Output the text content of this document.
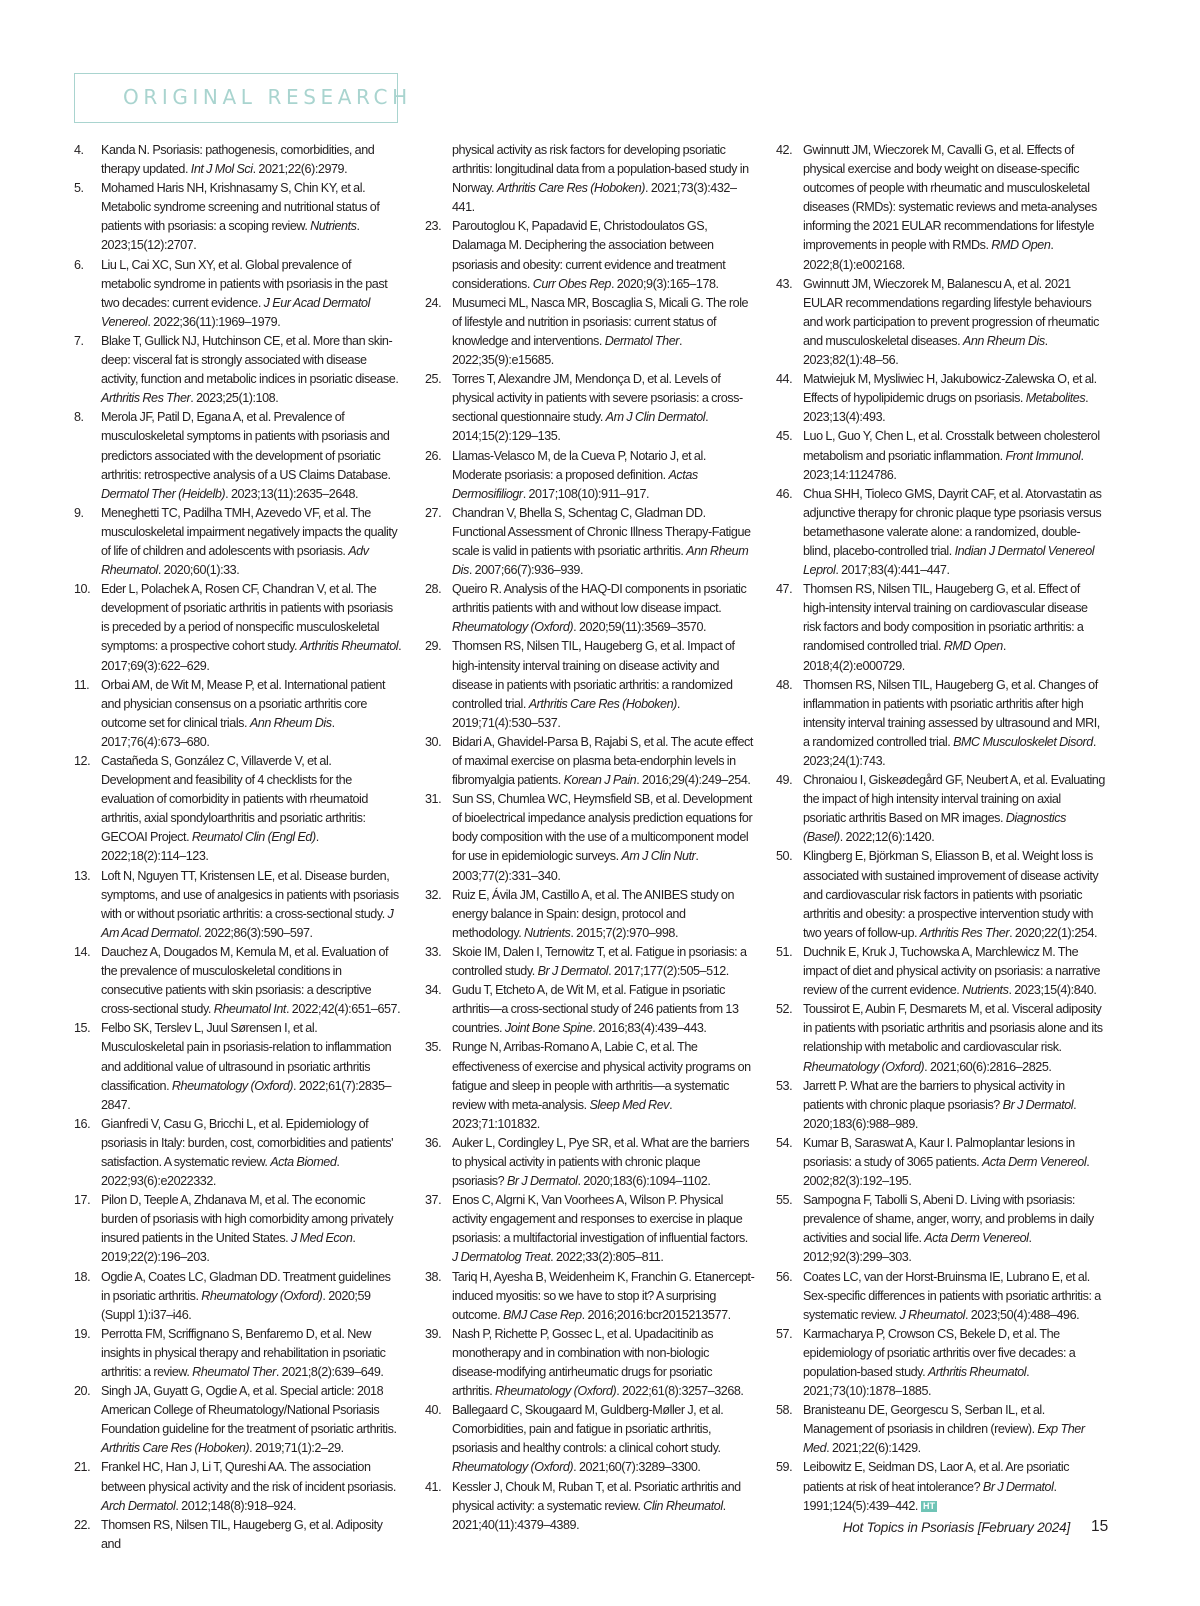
ORIGINAL RESEARCH
4. Kanda N. Psoriasis: pathogenesis, comorbidities, and therapy updated. Int J Mol Sci. 2021;22(6):2979.
5. Mohamed Haris NH, Krishnasamy S, Chin KY, et al. Metabolic syndrome screening and nutritional status of patients with psoriasis: a scoping review. Nutrients. 2023;15(12):2707.
6. Liu L, Cai XC, Sun XY, et al. Global prevalence of metabolic syndrome in patients with psoriasis in the past two decades: current evidence. J Eur Acad Dermatol Venereol. 2022;36(11):1969–1979.
7. Blake T, Gullick NJ, Hutchinson CE, et al. More than skin-deep: visceral fat is strongly associated with disease activity, function and metabolic indices in psoriatic disease. Arthritis Res Ther. 2023;25(1):108.
8. Merola JF, Patil D, Egana A, et al. Prevalence of musculoskeletal symptoms in patients with psoriasis and predictors associated with the development of psoriatic arthritis: retrospective analysis of a US Claims Database. Dermatol Ther (Heidelb). 2023;13(11):2635–2648.
9. Meneghetti TC, Padilha TMH, Azevedo VF, et al. The musculoskeletal impairment negatively impacts the quality of life of children and adolescents with psoriasis. Adv Rheumatol. 2020;60(1):33.
10. Eder L, Polachek A, Rosen CF, Chandran V, et al. The development of psoriatic arthritis in patients with psoriasis is preceded by a period of nonspecific musculoskeletal symptoms: a prospective cohort study. Arthritis Rheumatol. 2017;69(3):622–629.
11. Orbai AM, de Wit M, Mease P, et al. International patient and physician consensus on a psoriatic arthritis core outcome set for clinical trials. Ann Rheum Dis. 2017;76(4):673–680.
12. Castañeda S, González C, Villaverde V, et al. Development and feasibility of 4 checklists for the evaluation of comorbidity in patients with rheumatoid arthritis, axial spondyloarthritis and psoriatic arthritis: GECOAI Project. Reumatol Clin (Engl Ed). 2022;18(2):114–123.
13. Loft N, Nguyen TT, Kristensen LE, et al. Disease burden, symptoms, and use of analgesics in patients with psoriasis with or without psoriatic arthritis: a cross-sectional study. J Am Acad Dermatol. 2022;86(3):590–597.
14. Dauchez A, Dougados M, Kemula M, et al. Evaluation of the prevalence of musculoskeletal conditions in consecutive patients with skin psoriasis: a descriptive cross-sectional study. Rheumatol Int. 2022;42(4):651–657.
15. Felbo SK, Terslev L, Juul Sørensen I, et al. Musculoskeletal pain in psoriasis-relation to inflammation and additional value of ultrasound in psoriatic arthritis classification. Rheumatology (Oxford). 2022;61(7):2835–2847.
16. Gianfredi V, Casu G, Bricchi L, et al. Epidemiology of psoriasis in Italy: burden, cost, comorbidities and patients' satisfaction. A systematic review. Acta Biomed. 2022;93(6):e2022332.
17. Pilon D, Teeple A, Zhdanava M, et al. The economic burden of psoriasis with high comorbidity among privately insured patients in the United States. J Med Econ. 2019;22(2):196–203.
18. Ogdie A, Coates LC, Gladman DD. Treatment guidelines in psoriatic arthritis. Rheumatology (Oxford). 2020;59 (Suppl 1):i37–i46.
19. Perrotta FM, Scriffignano S, Benfaremo D, et al. New insights in physical therapy and rehabilitation in psoriatic arthritis: a review. Rheumatol Ther. 2021;8(2):639–649.
20. Singh JA, Guyatt G, Ogdie A, et al. Special article: 2018 American College of Rheumatology/National Psoriasis Foundation guideline for the treatment of psoriatic arthritis. Arthritis Care Res (Hoboken). 2019;71(1):2–29.
21. Frankel HC, Han J, Li T, Qureshi AA. The association between physical activity and the risk of incident psoriasis. Arch Dermatol. 2012;148(8):918–924.
22. Thomsen RS, Nilsen TIL, Haugeberg G, et al. Adiposity and
physical activity as risk factors for developing psoriatic arthritis: longitudinal data from a population-based study in Norway. Arthritis Care Res (Hoboken). 2021;73(3):432–441.
23. Paroutoglou K, Papadavid E, Christodoulatos GS, Dalamaga M. Deciphering the association between psoriasis and obesity: current evidence and treatment considerations. Curr Obes Rep. 2020;9(3):165–178.
24. Musumeci ML, Nasca MR, Boscaglia S, Micali G. The role of lifestyle and nutrition in psoriasis: current status of knowledge and interventions. Dermatol Ther. 2022;35(9):e15685.
25. Torres T, Alexandre JM, Mendonça D, et al. Levels of physical activity in patients with severe psoriasis: a cross-sectional questionnaire study. Am J Clin Dermatol. 2014;15(2):129–135.
26. Llamas-Velasco M, de la Cueva P, Notario J, et al. Moderate psoriasis: a proposed definition. Actas Dermosifiliogr. 2017;108(10):911–917.
27. Chandran V, Bhella S, Schentag C, Gladman DD. Functional Assessment of Chronic Illness Therapy-Fatigue scale is valid in patients with psoriatic arthritis. Ann Rheum Dis. 2007;66(7):936–939.
28. Queiro R. Analysis of the HAQ-DI components in psoriatic arthritis patients with and without low disease impact. Rheumatology (Oxford). 2020;59(11):3569–3570.
29. Thomsen RS, Nilsen TIL, Haugeberg G, et al. Impact of high-intensity interval training on disease activity and disease in patients with psoriatic arthritis: a randomized controlled trial. Arthritis Care Res (Hoboken). 2019;71(4):530–537.
30. Bidari A, Ghavidel-Parsa B, Rajabi S, et al. The acute effect of maximal exercise on plasma beta-endorphin levels in fibromyalgia patients. Korean J Pain. 2016;29(4):249–254.
31. Sun SS, Chumlea WC, Heymsfield SB, et al. Development of bioelectrical impedance analysis prediction equations for body composition with the use of a multicomponent model for use in epidemiologic surveys. Am J Clin Nutr. 2003;77(2):331–340.
32. Ruiz E, Ávila JM, Castillo A, et al. The ANIBES study on energy balance in Spain: design, protocol and methodology. Nutrients. 2015;7(2):970–998.
33. Skoie IM, Dalen I, Ternowitz T, et al. Fatigue in psoriasis: a controlled study. Br J Dermatol. 2017;177(2):505–512.
34. Gudu T, Etcheto A, de Wit M, et al. Fatigue in psoriatic arthritis—a cross-sectional study of 246 patients from 13 countries. Joint Bone Spine. 2016;83(4):439–443.
35. Runge N, Arribas-Romano A, Labie C, et al. The effectiveness of exercise and physical activity programs on fatigue and sleep in people with arthritis—a systematic review with meta-analysis. Sleep Med Rev. 2023;71:101832.
36. Auker L, Cordingley L, Pye SR, et al. What are the barriers to physical activity in patients with chronic plaque psoriasis? Br J Dermatol. 2020;183(6):1094–1102.
37. Enos C, Algrni K, Van Voorhees A, Wilson P. Physical activity engagement and responses to exercise in plaque psoriasis: a multifactorial investigation of influential factors. J Dermatolog Treat. 2022;33(2):805–811.
38. Tariq H, Ayesha B, Weidenheim K, Franchin G. Etanercept-induced myositis: so we have to stop it? A surprising outcome. BMJ Case Rep. 2016;2016:bcr2015213577.
39. Nash P, Richette P, Gossec L, et al. Upadacitinib as monotherapy and in combination with non-biologic disease-modifying antirheumatic drugs for psoriatic arthritis. Rheumatology (Oxford). 2022;61(8):3257–3268.
40. Ballegaard C, Skougaard M, Guldberg-Møller J, et al. Comorbidities, pain and fatigue in psoriatic arthritis, psoriasis and healthy controls: a clinical cohort study. Rheumatology (Oxford). 2021;60(7):3289–3300.
41. Kessler J, Chouk M, Ruban T, et al. Psoriatic arthritis and physical activity: a systematic review. Clin Rheumatol. 2021;40(11):4379–4389.
42. Gwinnutt JM, Wieczorek M, Cavalli G, et al. Effects of physical exercise and body weight on disease-specific outcomes of people with rheumatic and musculoskeletal diseases (RMDs): systematic reviews and meta-analyses informing the 2021 EULAR recommendations for lifestyle improvements in people with RMDs. RMD Open. 2022;8(1):e002168.
43. Gwinnutt JM, Wieczorek M, Balanescu A, et al. 2021 EULAR recommendations regarding lifestyle behaviours and work participation to prevent progression of rheumatic and musculoskeletal diseases. Ann Rheum Dis. 2023;82(1):48–56.
44. Matwiejuk M, Mysliwiec H, Jakubowicz-Zalewska O, et al. Effects of hypolipidemic drugs on psoriasis. Metabolites. 2023;13(4):493.
45. Luo L, Guo Y, Chen L, et al. Crosstalk between cholesterol metabolism and psoriatic inflammation. Front Immunol. 2023;14:1124786.
46. Chua SHH, Tioleco GMS, Dayrit CAF, et al. Atorvastatin as adjunctive therapy for chronic plaque type psoriasis versus betamethasone valerate alone: a randomized, double-blind, placebo-controlled trial. Indian J Dermatol Venereol Leprol. 2017;83(4):441–447.
47. Thomsen RS, Nilsen TIL, Haugeberg G, et al. Effect of high-intensity interval training on cardiovascular disease risk factors and body composition in psoriatic arthritis: a randomised controlled trial. RMD Open. 2018;4(2):e000729.
48. Thomsen RS, Nilsen TIL, Haugeberg G, et al. Changes of inflammation in patients with psoriatic arthritis after high intensity interval training assessed by ultrasound and MRI, a randomized controlled trial. BMC Musculoskelet Disord. 2023;24(1):743.
49. Chronaiou I, Giskeødegård GF, Neubert A, et al. Evaluating the impact of high intensity interval training on axial psoriatic arthritis Based on MR images. Diagnostics (Basel). 2022;12(6):1420.
50. Klingberg E, Björkman S, Eliasson B, et al. Weight loss is associated with sustained improvement of disease activity and cardiovascular risk factors in patients with psoriatic arthritis and obesity: a prospective intervention study with two years of follow-up. Arthritis Res Ther. 2020;22(1):254.
51. Duchnik E, Kruk J, Tuchowska A, Marchlewicz M. The impact of diet and physical activity on psoriasis: a narrative review of the current evidence. Nutrients. 2023;15(4):840.
52. Toussirot E, Aubin F, Desmarets M, et al. Visceral adiposity in patients with psoriatic arthritis and psoriasis alone and its relationship with metabolic and cardiovascular risk. Rheumatology (Oxford). 2021;60(6):2816–2825.
53. Jarrett P. What are the barriers to physical activity in patients with chronic plaque psoriasis? Br J Dermatol. 2020;183(6):988–989.
54. Kumar B, Saraswat A, Kaur I. Palmoplantar lesions in psoriasis: a study of 3065 patients. Acta Derm Venereol. 2002;82(3):192–195.
55. Sampogna F, Tabolli S, Abeni D. Living with psoriasis: prevalence of shame, anger, worry, and problems in daily activities and social life. Acta Derm Venereol. 2012;92(3):299–303.
56. Coates LC, van der Horst-Bruinsma IE, Lubrano E, et al. Sex-specific differences in patients with psoriatic arthritis: a systematic review. J Rheumatol. 2023;50(4):488–496.
57. Karmacharya P, Crowson CS, Bekele D, et al. The epidemiology of psoriatic arthritis over five decades: a population-based study. Arthritis Rheumatol. 2021;73(10):1878–1885.
58. Branisteanu DE, Georgescu S, Serban IL, et al. Management of psoriasis in children (review). Exp Ther Med. 2021;22(6):1429.
59. Leibowitz E, Seidman DS, Laor A, et al. Are psoriatic patients at risk of heat intolerance? Br J Dermatol. 1991;124(5):439–442. HT
Hot Topics in Psoriasis [February 2024] 15
